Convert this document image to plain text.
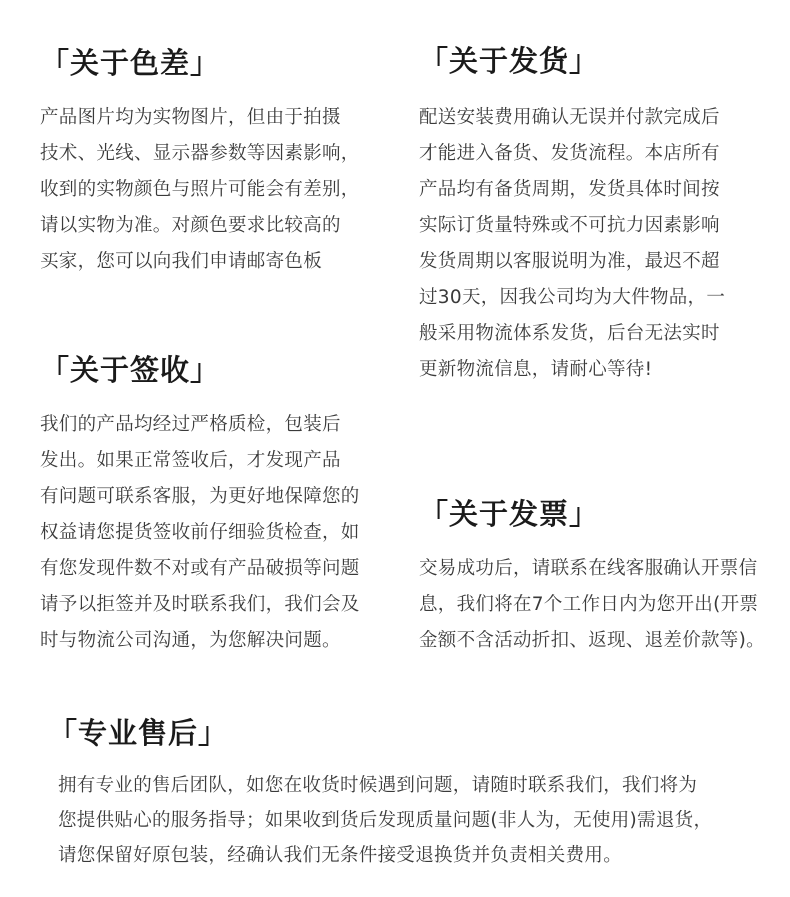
「关于色差」
产品图片均为实物图片，但由于拍摄
技术、光线、显示器参数等因素影响，
收到的实物颜色与照片可能会有差别，
请以实物为准。对颜色要求比较高的
买家，您可以向我们申请邮寄色板
「关于发货」
配送安装费用确认无误并付款完成后
才能进入备货、发货流程。本店所有
产品均有备货周期，发货具体时间按
实际订货量特殊或不可抗力因素影响
发货周期以客服说明为准，最迟不超
过30天，因我公司均为大件物品，一
般采用物流体系发货，后台无法实时
更新物流信息，请耐心等待!
「关于签收」
我们的产品均经过严格质检，包装后
发出。如果正常签收后，才发现产品
有问题可联系客服，为更好地保障您的
权益请您提货签收前仔细验货检查，如
有您发现件数不对或有产品破损等问题
请予以拒签并及时联系我们，我们会及
时与物流公司沟通，为您解决问题。
「关于发票」
交易成功后，请联系在线客服确认开票信
息，我们将在7个工作日内为您开出(开票
金额不含活动折扣、返现、退差价款等)。
「专业售后」
拥有专业的售后团队，如您在收货时候遇到问题，请随时联系我们，我们将为
您提供贴心的服务指导；如果收到货后发现质量问题(非人为，无使用)需退货，
请您保留好原包装，经确认我们无条件接受退换货并负责相关费用。
